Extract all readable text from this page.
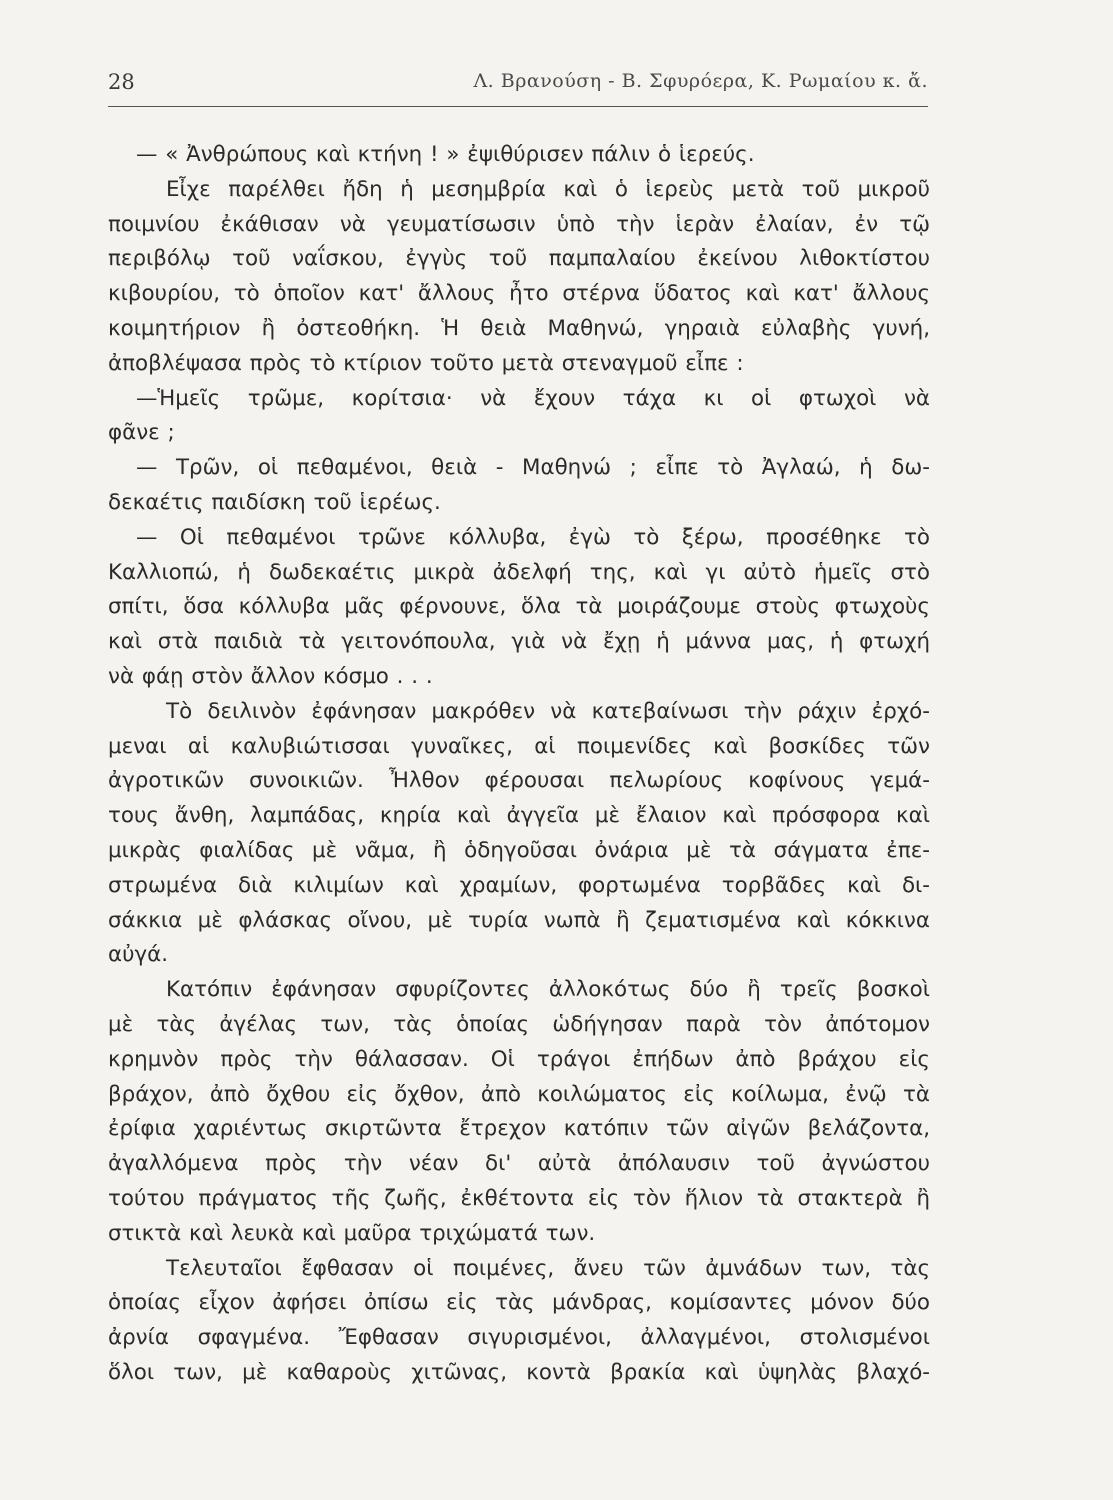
28	Λ. Βρανούση - Β. Σφυρόερα, Κ. Ρωμαίου κ. ἄ.
— « Ἀνθρώπους καὶ κτήνη ! » ἐψιθύρισεν πάλιν ὁ ἱερεύς.
Εἶχε παρέλθει ἤδη ἡ μεσημβρία καὶ ὁ ἱερεὺς μετὰ τοῦ μικροῦ
ποιμνίου ἐκάθισαν νὰ γευματίσωσιν ὑπὸ τὴν ἱερὰν ἐλαίαν, ἐν τῷ
περιβόλῳ τοῦ ναΐσκου, ἐγγὺς τοῦ παμπαλαίου ἐκείνου λιθοκτίστου
κιβουρίου, τὸ ὁποῖον κατ' ἄλλους ἦτο στέρνα ὕδατος καὶ κατ' ἄλλους
κοιμητήριον ἢ ὀστεοθήκη. Ἡ θειὰ Μαθηνώ, γηραιὰ εὐλαβὴς γυνή,
ἀποβλέψασα πρὸς τὸ κτίριον τοῦτο μετὰ στεναγμοῦ εἶπε :
—Ἡμεῖς τρῶμε, κορίτσια· νὰ ἔχουν τάχα κι οἱ φτωχοὶ νὰ
φᾶνε ;
— Τρῶν, οἱ πεθαμένοι, θειὰ - Μαθηνώ ; εἶπε τὸ Ἀγλαώ, ἡ δω-
δεκαέτις παιδίσκη τοῦ ἱερέως.
— Οἱ πεθαμένοι τρῶνε κόλλυβα, ἐγὼ τὸ ξέρω, προσέθηκε τὸ
Καλλιοπώ, ἡ δωδεκαέτις μικρὰ ἀδελφή της, καὶ γι αὐτὸ ἡμεῖς στὸ
σπίτι, ὅσα κόλλυβα μᾶς φέρνουνε, ὅλα τὰ μοιράζουμε στοὺς φτωχοὺς
καὶ στὰ παιδιὰ τὰ γειτονόπουλα, γιὰ νὰ ἔχῃ ἡ μάννα μας, ἡ φτωχή
νὰ φάῃ στὸν ἄλλον κόσμο . . .
Τὸ δειλινὸν ἐφάνησαν μακρόθεν νὰ κατεβαίνωσι τὴν ράχιν ἐρχό-
μεναι αἱ καλυβιώτισσαι γυναῖκες, αἱ ποιμενίδες καὶ βοσκίδες τῶν
ἀγροτικῶν συνοικιῶν. Ἦλθον φέρουσαι πελωρίους κοφίνους γεμά-
τους ἄνθη, λαμπάδας, κηρία καὶ ἀγγεῖα μὲ ἔλαιον καὶ πρόσφορα καὶ
μικρὰς φιαλίδας μὲ νᾶμα, ἢ ὁδηγοῦσαι ὀνάρια μὲ τὰ σάγματα ἐπε-
στρωμένα διὰ κιλιμίων καὶ χραμίων, φορτωμένα τορβᾶδες καὶ δι-
σάκκια μὲ φλάσκας οἴνου, μὲ τυρία νωπὰ ἢ ζεματισμένα καὶ κόκκινα
αὐγά.
Κατόπιν ἐφάνησαν σφυρίζοντες ἀλλοκότως δύο ἢ τρεῖς βοσκοὶ
μὲ τὰς ἀγέλας των, τὰς ὁποίας ὡδήγησαν παρὰ τὸν ἀπότομον
κρημνὸν πρὸς τὴν θάλασσαν. Οἱ τράγοι ἐπήδων ἀπὸ βράχου εἰς
βράχον, ἀπὸ ὄχθου εἰς ὄχθον, ἀπὸ κοιλώματος εἰς κοίλωμα, ἐνῷ τὰ
ἐρίφια χαριέντως σκιρτῶντα ἔτρεχον κατόπιν τῶν αἰγῶν βελάζοντα,
ἀγαλλόμενα πρὸς τὴν νέαν δι' αὐτὰ ἀπόλαυσιν τοῦ ἀγνώστου
τούτου πράγματος τῆς ζωῆς, ἐκθέτοντα εἰς τὸν ἥλιον τὰ στακτερὰ ἢ
στικτὰ καὶ λευκὰ καὶ μαῦρα τριχώματά των.
Τελευταῖοι ἔφθασαν οἱ ποιμένες, ἄνευ τῶν ἀμνάδων των, τὰς
ὁποίας εἶχον ἀφήσει ὀπίσω εἰς τὰς μάνδρας, κομίσαντες μόνον δύο
ἀρνία σφαγμένα. Ἔφθασαν σιγυρισμένοι, ἀλλαγμένοι, στολισμένοι
ὅλοι των, μὲ καθαροὺς χιτῶνας, κοντὰ βρακία καὶ ὑψηλὰς βλαχό-
